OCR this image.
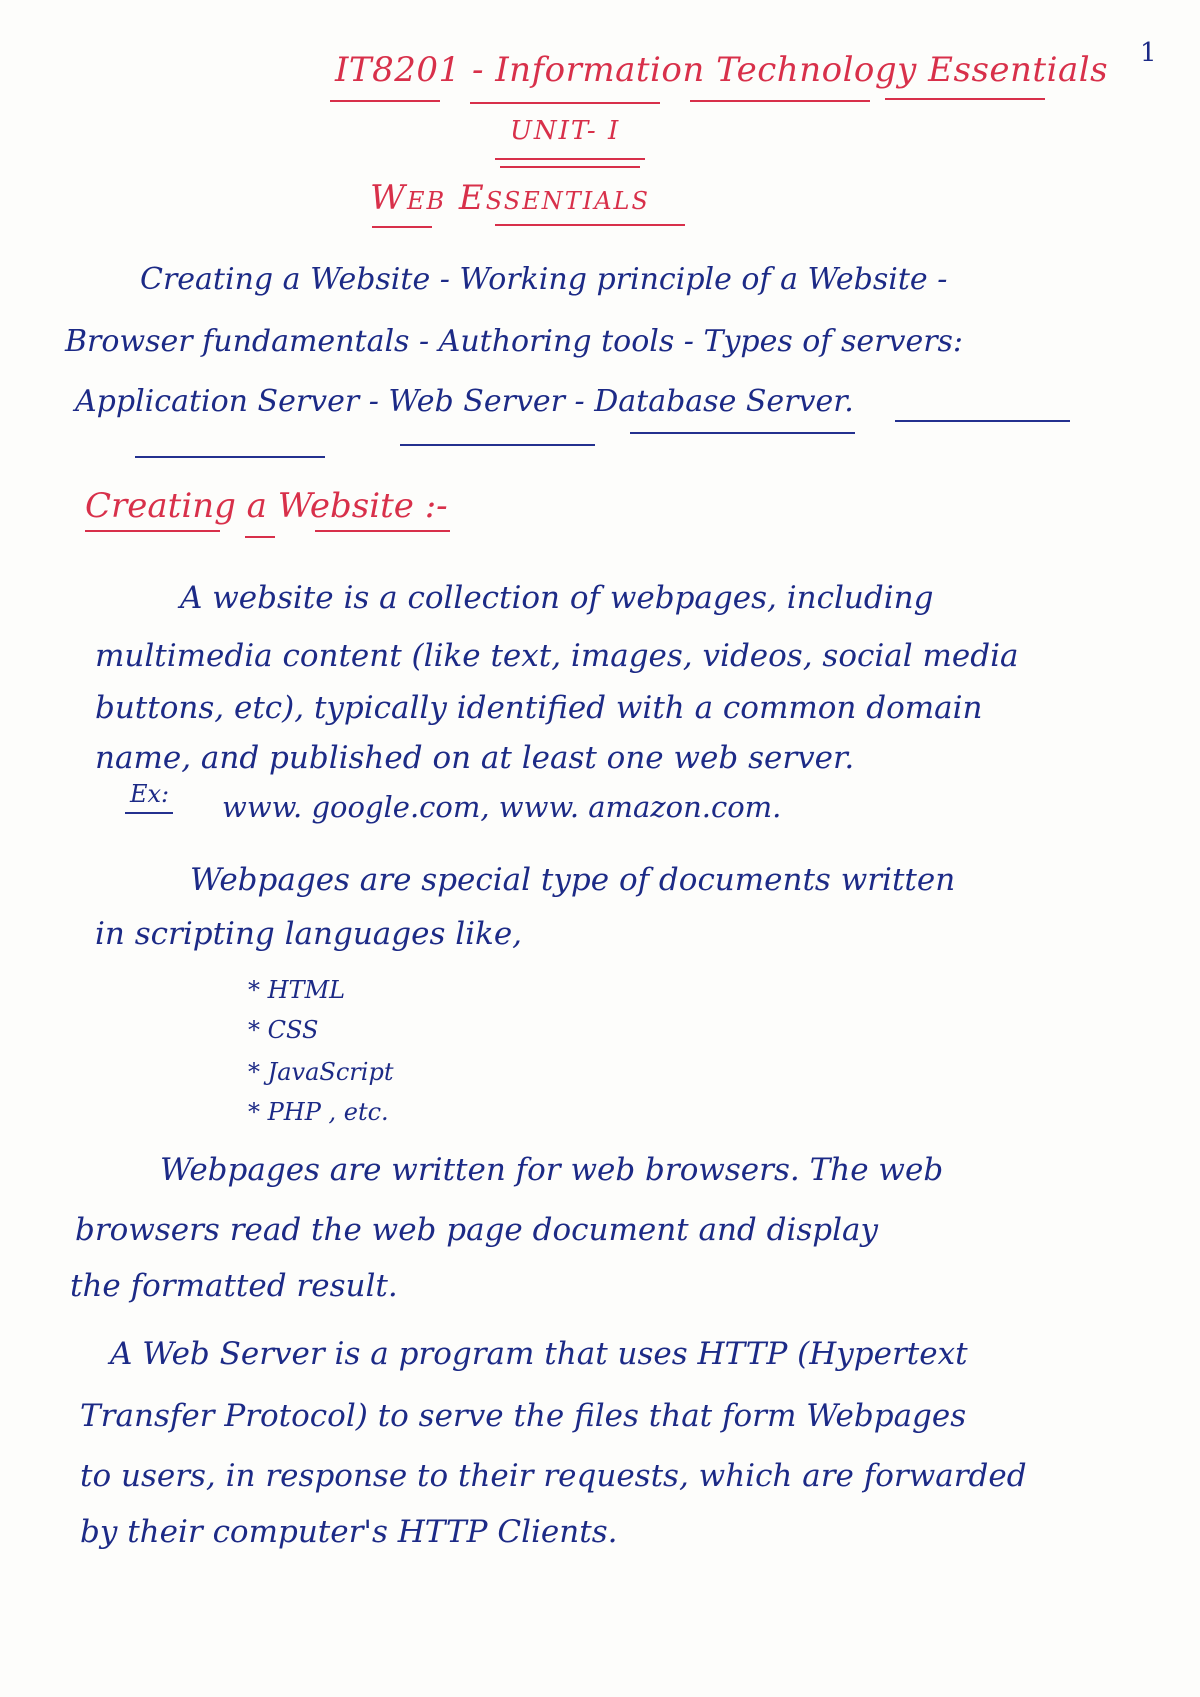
1
IT8201 - Information Technology Essentials
UNIT- I
Web Essentials
Creating a Website - Working principle of a Website -
Browser fundamentals - Authoring tools - Types of servers:
Application Server - Web Server - Database Server.
Creating a Website :-
A website is a collection of webpages, including
multimedia content (like text, images, videos, social media
buttons, etc), typically identified with a common domain
name, and published on at least one web server.
Ex: www. google.com, www. amazon.com.
Webpages are special type of documents written
in scripting languages like,
* HTML
* CSS
* JavaScript
* PHP , etc.
Webpages are written for web browsers. The web
browsers read the web page document and display
the formatted result.
A Web Server is a program that uses HTTP (Hypertext
Transfer Protocol) to serve the files that form Webpages
to users, in response to their requests, which are forwarded
by their computer's HTTP Clients.
